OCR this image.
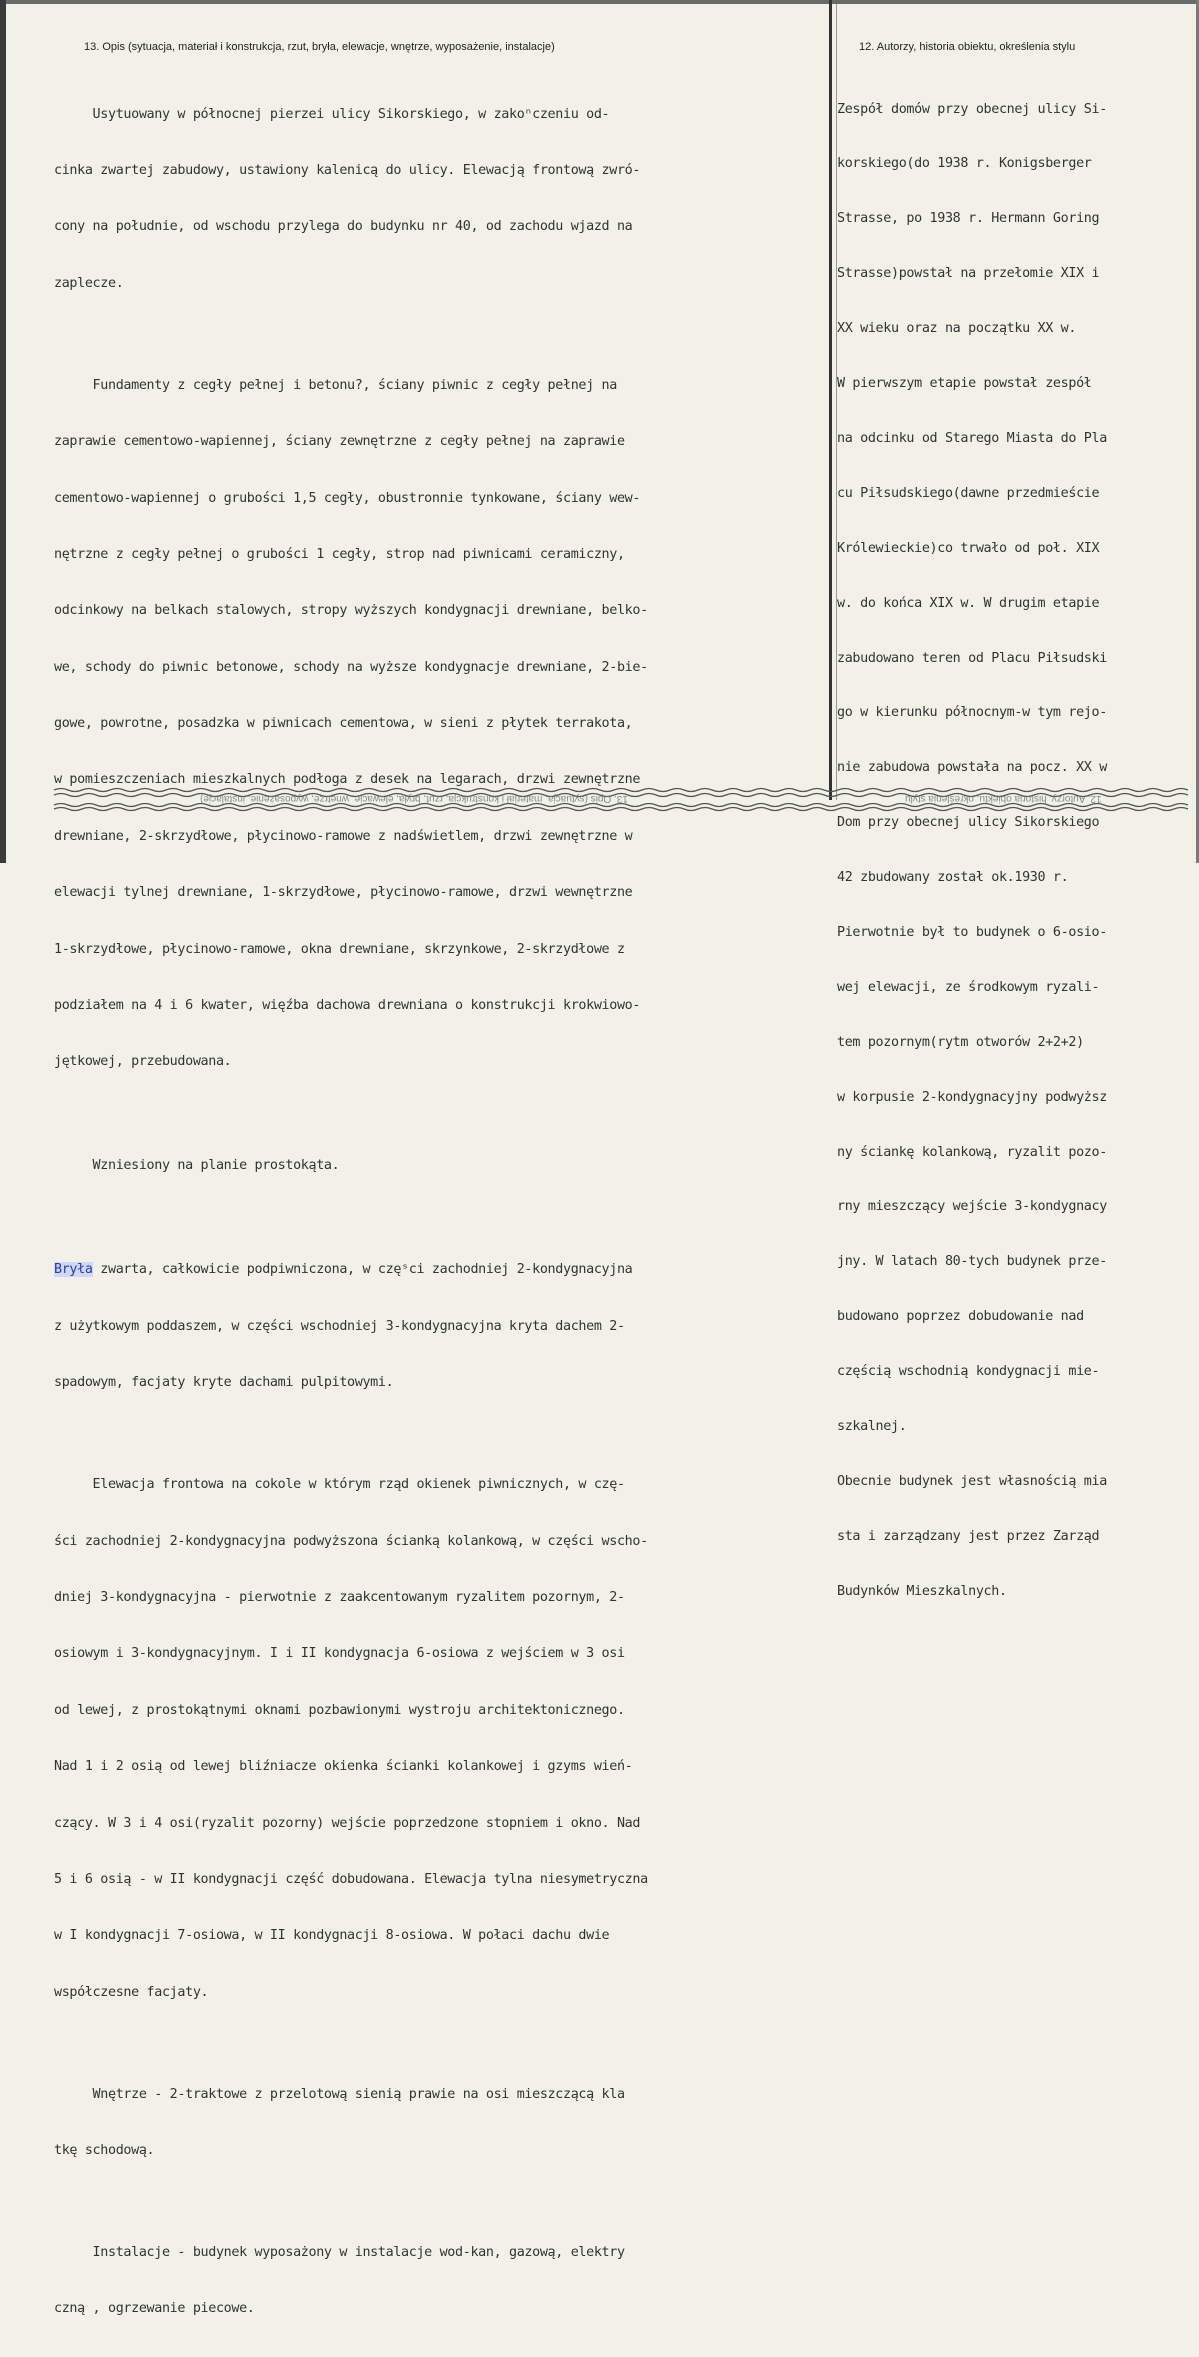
13. Opis (sytuacja, materiał i konstrukcja, rzut, bryła, elewacje, wnętrze, wyposażenie, instalacje)	12. Autorzy, historia obiektu, określenia stylu

Usytuowany w północnej pierzei ulicy Sikorskiego, w zakoⁿczeniu od-

cinka zwartej zabudowy, ustawiony kalenicą do ulicy. Elewacją frontową zwró-

cony na południe, od wschodu przylega do budynku nr 40, od zachodu wjazd na

zaplecze.

Fundamenty z cegły pełnej i betonu?, ściany piwnic z cegły pełnej na

zaprawie cementowo-wapiennej, ściany zewnętrzne z cegły pełnej na zaprawie

cementowo-wapiennej o grubości 1,5 cegły, obustronnie tynkowane, ściany wew-

nętrzne z cegły pełnej o grubości 1 cegły, strop nad piwnicami ceramiczny,

odcinkowy na belkach stalowych, stropy wyższych kondygnacji drewniane, belko-

we, schody do piwnic betonowe, schody na wyższe kondygnacje drewniane, 2-bie-

gowe, powrotne, posadzka w piwnicach cementowa, w sieni z płytek terrakota,

w pomieszczeniach mieszkalnych podłoga z desek na legarach, drzwi zewnętrzne

drewniane, 2-skrzydłowe, płycinowo-ramowe z nadświetlem, drzwi zewnętrzne w

elewacji tylnej drewniane, 1-skrzydłowe, płycinowo-ramowe, drzwi wewnętrzne

1-skrzydłowe, płycinowo-ramowe, okna drewniane, skrzynkowe, 2-skrzydłowe z

podziałem na 4 i 6 kwater, więźba dachowa drewniana o konstrukcji krokwiowo-

jętkowej, przebudowana.

Wzniesiony na planie prostokąta.

Bryła zwarta, całkowicie podpiwniczona, w częˢci zachodniej 2-kondygnacyjna

z użytkowym poddaszem, w części wschodniej 3-kondygnacyjna kryta dachem 2-

spadowym, facjaty kryte dachami pulpitowymi.

Elewacja frontowa na cokole w którym rząd okienek piwnicznych, w czę-

ści zachodniej 2-kondygnacyjna podwyższona ścianką kolankową, w części wscho-

dniej 3-kondygnacyjna - pierwotnie z zaakcentowanym ryzalitem pozornym, 2-

osiowym i 3-kondygnacyjnym. I i II kondygnacja 6-osiowa z wejściem w 3 osi

od lewej, z prostokątnymi oknami pozbawionymi wystroju architektonicznego.

Nad 1 i 2 osią od lewej bliźniacze okienka ścianki kolankowej i gzyms wień-

czący. W 3 i 4 osi(ryzalit pozorny) wejście poprzedzone stopniem i okno. Nad

5 i 6 osią - w II kondygnacji część dobudowana. Elewacja tylna niesymetryczna

w I kondygnacji 7-osiowa, w II kondygnacji 8-osiowa. W połaci dachu dwie

współczesne facjaty.

Wnętrze - 2-traktowe z przelotową sienią prawie na osi mieszczącą kla

tkę schodową.

Instalacje - budynek wyposażony w instalacje wod-kan, gazową, elektry

czną , ogrzewanie piecowe.

Zespół domów przy obecnej ulicy Si-

korskiego(do 1938 r. Konigsberger

Strasse, po 1938 r. Hermann Goring

Strasse)powstał na przełomie XIX i

XX wieku oraz na początku XX w.

W pierwszym etapie powstał zespół

na odcinku od Starego Miasta do Pla

cu Piłsudskiego(dawne przedmieście

Królewieckie)co trwało od poł. XIX

w. do końca XIX w. W drugim etapie

zabudowano teren od Placu Piłsudski

go w kierunku północnym-w tym rejo-

nie zabudowa powstała na pocz. XX w

Dom przy obecnej ulicy Sikorskiego

42 zbudowany został ok.1930 r.

Pierwotnie był to budynek o 6-osio-

wej elewacji, ze środkowym ryzali-

tem pozornym(rytm otworów 2+2+2)

w korpusie 2-kondygnacyjny podwyższ

ny ściankę kolankową, ryzalit pozo-

rny mieszczący wejście 3-kondygnacy

jny. W latach 80-tych budynek prze-

budowano poprzez dobudowanie nad

częścią wschodnią kondygnacji mie-

szkalnej.

Obecnie budynek jest własnością mia

sta i zarządzany jest przez Zarząd

Budynków Mieszkalnych.

13. Opis (sytuacja, materiał i konstrukcja, rzut, bryła, elewacje, wnętrze, wyposażenie, instalacje)	12. Autorzy, historia obiektu, określenia stylu
